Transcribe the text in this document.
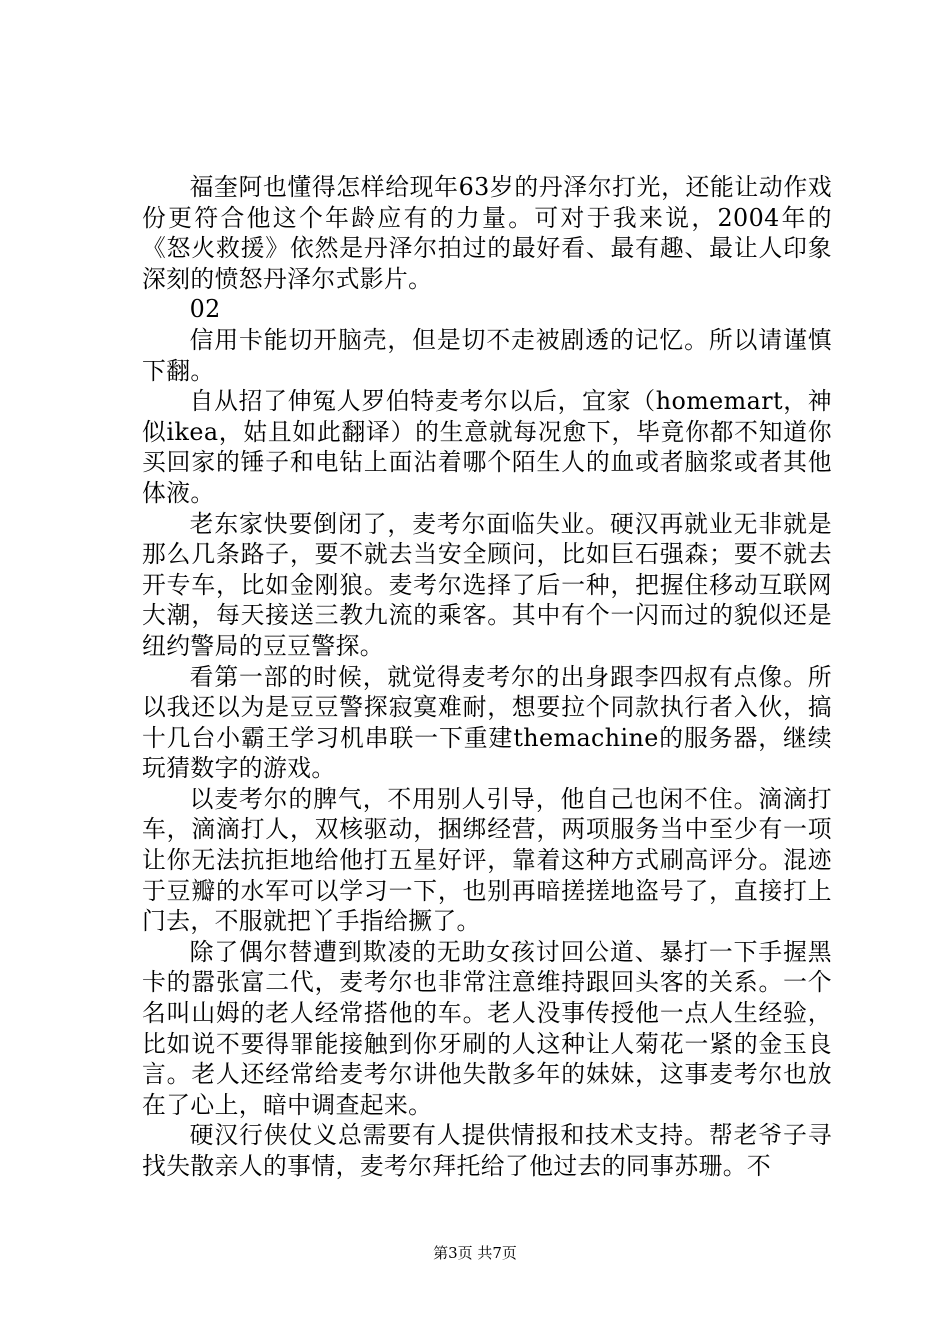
福奎阿也懂得怎样给现年63岁的丹泽尔打光，还能让动作戏份更符合他这个年龄应有的力量。可对于我来说，2004年的《怒火救援》依然是丹泽尔拍过的最好看、最有趣、最让人印象深刻的愤怒丹泽尔式影片。

02

信用卡能切开脑壳，但是切不走被剧透的记忆。所以请谨慎下翻。

自从招了伸冤人罗伯特麦考尔以后，宜家（homemart，神似ikea，姑且如此翻译）的生意就每况愈下，毕竟你都不知道你买回家的锤子和电钻上面沾着哪个陌生人的血或者脑浆或者其他体液。

老东家快要倒闭了，麦考尔面临失业。硬汉再就业无非就是那么几条路子，要不就去当安全顾问，比如巨石强森；要不就去开专车，比如金刚狼。麦考尔选择了后一种，把握住移动互联网大潮，每天接送三教九流的乘客。其中有个一闪而过的貌似还是纽约警局的豆豆警探。

看第一部的时候，就觉得麦考尔的出身跟李四叔有点像。所以我还以为是豆豆警探寂寞难耐，想要拉个同款执行者入伙，搞十几台小霸王学习机串联一下重建themachine的服务器，继续玩猜数字的游戏。

以麦考尔的脾气，不用别人引导，他自己也闲不住。滴滴打车，滴滴打人，双核驱动，捆绑经营，两项服务当中至少有一项让你无法抗拒地给他打五星好评，靠着这种方式刷高评分。混迹于豆瓣的水军可以学习一下，也别再暗搓搓地盗号了，直接打上门去，不服就把丫手指给撅了。

除了偶尔替遭到欺凌的无助女孩讨回公道、暴打一下手握黑卡的嚣张富二代，麦考尔也非常注意维持跟回头客的关系。一个名叫山姆的老人经常搭他的车。老人没事传授他一点人生经验，比如说不要得罪能接触到你牙刷的人这种让人菊花一紧的金玉良言。老人还经常给麦考尔讲他失散多年的妹妹，这事麦考尔也放在了心上，暗中调查起来。

硬汉行侠仗义总需要有人提供情报和技术支持。帮老爷子寻找失散亲人的事情，麦考尔拜托给了他过去的同事苏珊。不

第3页 共7页
